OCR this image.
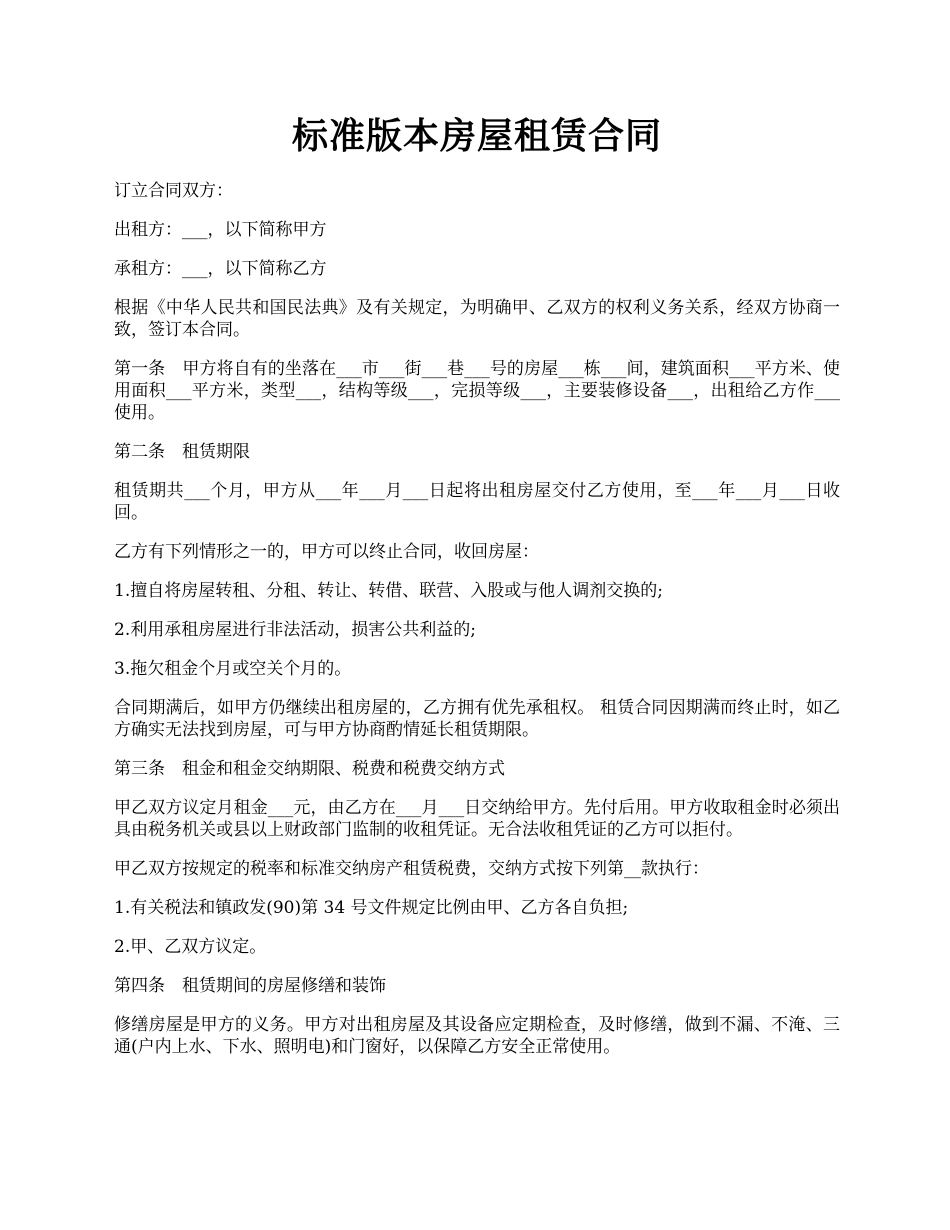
标准版本房屋租赁合同

订立合同双方：

出租方：___，以下简称甲方

承租方：___，以下简称乙方

根据《中华人民共和国民法典》及有关规定，为明确甲、乙双方的权利义务关系，经双方协商一致，签订本合同。

第一条　甲方将自有的坐落在___市___街___巷___号的房屋___栋___间，建筑面积___平方米、使用面积___平方米，类型___，结构等级___，完损等级___，主要装修设备___，出租给乙方作___使用。

第二条　租赁期限

租赁期共___个月，甲方从___年___月___日起将出租房屋交付乙方使用，至___年___月___日收回。

乙方有下列情形之一的，甲方可以终止合同，收回房屋：

1.擅自将房屋转租、分租、转让、转借、联营、入股或与他人调剂交换的;

2.利用承租房屋进行非法活动，损害公共利益的;

3.拖欠租金个月或空关个月的。

合同期满后，如甲方仍继续出租房屋的，乙方拥有优先承租权。 租赁合同因期满而终止时，如乙方确实无法找到房屋，可与甲方协商酌情延长租赁期限。

第三条　租金和租金交纳期限、税费和税费交纳方式

甲乙双方议定月租金___元，由乙方在___月___日交纳给甲方。先付后用。甲方收取租金时必须出具由税务机关或县以上财政部门监制的收租凭证。无合法收租凭证的乙方可以拒付。

甲乙双方按规定的税率和标准交纳房产租赁税费，交纳方式按下列第__款执行：

1.有关税法和镇政发(90)第 34 号文件规定比例由甲、乙方各自负担;

2.甲、乙双方议定。

第四条　租赁期间的房屋修缮和装饰

修缮房屋是甲方的义务。甲方对出租房屋及其设备应定期检查，及时修缮，做到不漏、不淹、三通(户内上水、下水、照明电)和门窗好，以保障乙方安全正常使用。
